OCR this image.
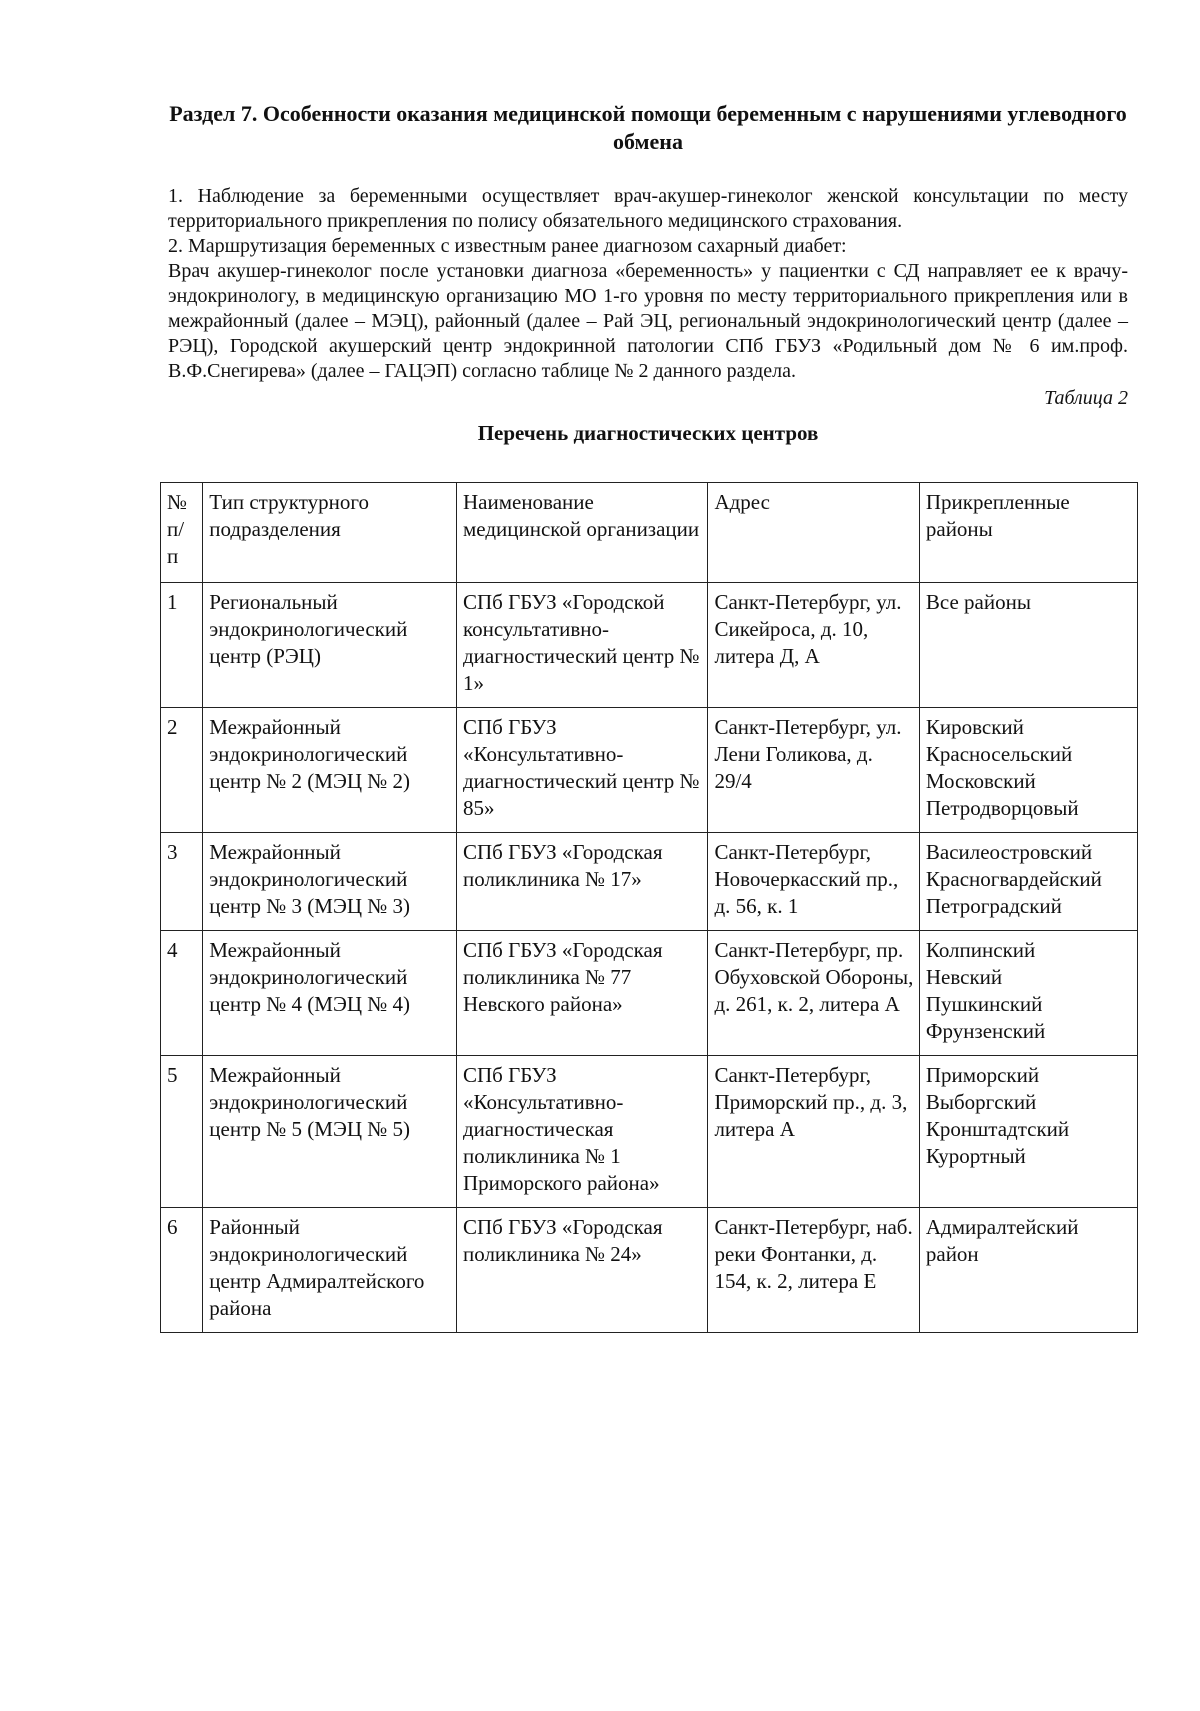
Раздел 7. Особенности оказания медицинской помощи беременным с нарушениями углеводного обмена

1. Наблюдение за беременными осуществляет врач-акушер-гинеколог женской консультации по месту территориального прикрепления по полису обязательного медицинского страхования.

2. Маршрутизация беременных с известным ранее диагнозом сахарный диабет:

Врач акушер-гинеколог после установки диагноза «беременность» у пациентки с СД направляет ее к врачу-эндокринологу, в медицинскую организацию МО 1-го уровня по месту территориального прикрепления или в межрайонный (далее – МЭЦ), районный (далее – Рай ЭЦ, региональный эндокринологический центр (далее – РЭЦ), Городской акушерский центр эндокринной патологии СПб ГБУЗ «Родильный дом № 6 им.проф. В.Ф.Снегирева» (далее – ГАЦЭП) согласно таблице № 2 данного раздела.

Таблица 2
Перечень диагностических центров
№
п/
п	Тип структурного подразделения	Наименование медицинской организации	Адрес	Прикрепленные районы
1	Региональный эндокринологический центр (РЭЦ)	СПб ГБУЗ «Городской консультативно-диагностический центр № 1»	Санкт-Петербург, ул. Сикейроса, д. 10, литера Д, А	Все районы
2	Межрайонный эндокринологический центр № 2 (МЭЦ № 2)	СПб ГБУЗ «Консультативно-диагностический центр № 85»	Санкт-Петербург, ул. Лени Голикова, д. 29/4	Кировский
Красносельский
Московский
Петродворцовый
3	Межрайонный эндокринологический центр № 3 (МЭЦ № 3)	СПб ГБУЗ «Городская поликлиника № 17»	Санкт-Петербург, Новочеркасский пр., д. 56, к. 1	Василеостровский
Красногвардейский
Петроградский
4	Межрайонный эндокринологический центр № 4 (МЭЦ № 4)	СПб ГБУЗ «Городская поликлиника № 77 Невского района»	Санкт-Петербург, пр. Обуховской Обороны, д. 261, к. 2, литера А	Колпинский
Невский
Пушкинский
Фрунзенский
5	Межрайонный эндокринологический центр № 5 (МЭЦ № 5)	СПб ГБУЗ «Консультативно-диагностическая поликлиника № 1 Приморского района»	Санкт-Петербург, Приморский пр., д. 3, литера А	Приморский
Выборгский
Кронштадтский
Курортный
6	Районный эндокринологический центр Адмиралтейского района	СПб ГБУЗ «Городская поликлиника № 24»	Санкт-Петербург, наб. реки Фонтанки, д. 154, к. 2, литера Е	Адмиралтейский район
